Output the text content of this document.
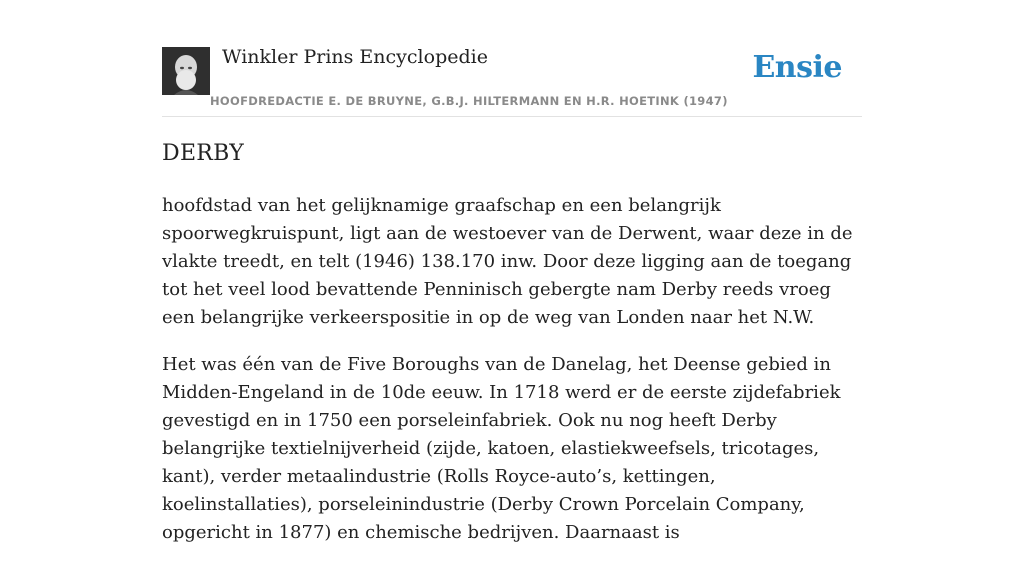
Winkler Prins Encyclopedie
HOOFDREDACTIE E. DE BRUYNE, G.B.J. HILTERMANN EN H.R. HOETINK (1947)
Ensie
DERBY

hoofdstad van het gelijknamige graafschap en een belangrijk spoorwegkruispunt, ligt aan de westoever van de Derwent, waar deze in de vlakte treedt, en telt (1946) 138.170 inw. Door deze ligging aan de toegang tot het veel lood bevattende Penninisch gebergte nam Derby reeds vroeg een belangrijke verkeerspositie in op de weg van Londen naar het N.W.

Het was één van de Five Boroughs van de Danelag, het Deense gebied in Midden-Engeland in de 10de eeuw. In 1718 werd er de eerste zijdefabriek gevestigd en in 1750 een porseleinfabriek. Ook nu nog heeft Derby belangrijke textielnijverheid (zijde, katoen, elastiekweefsels, tricotages, kant), verder metaalindustrie (Rolls Royce-auto’s, kettingen, koelinstallaties), porseleinindustrie (Derby Crown Porcelain Company, opgericht in 1877) en chemische bedrijven. Daarnaast is
